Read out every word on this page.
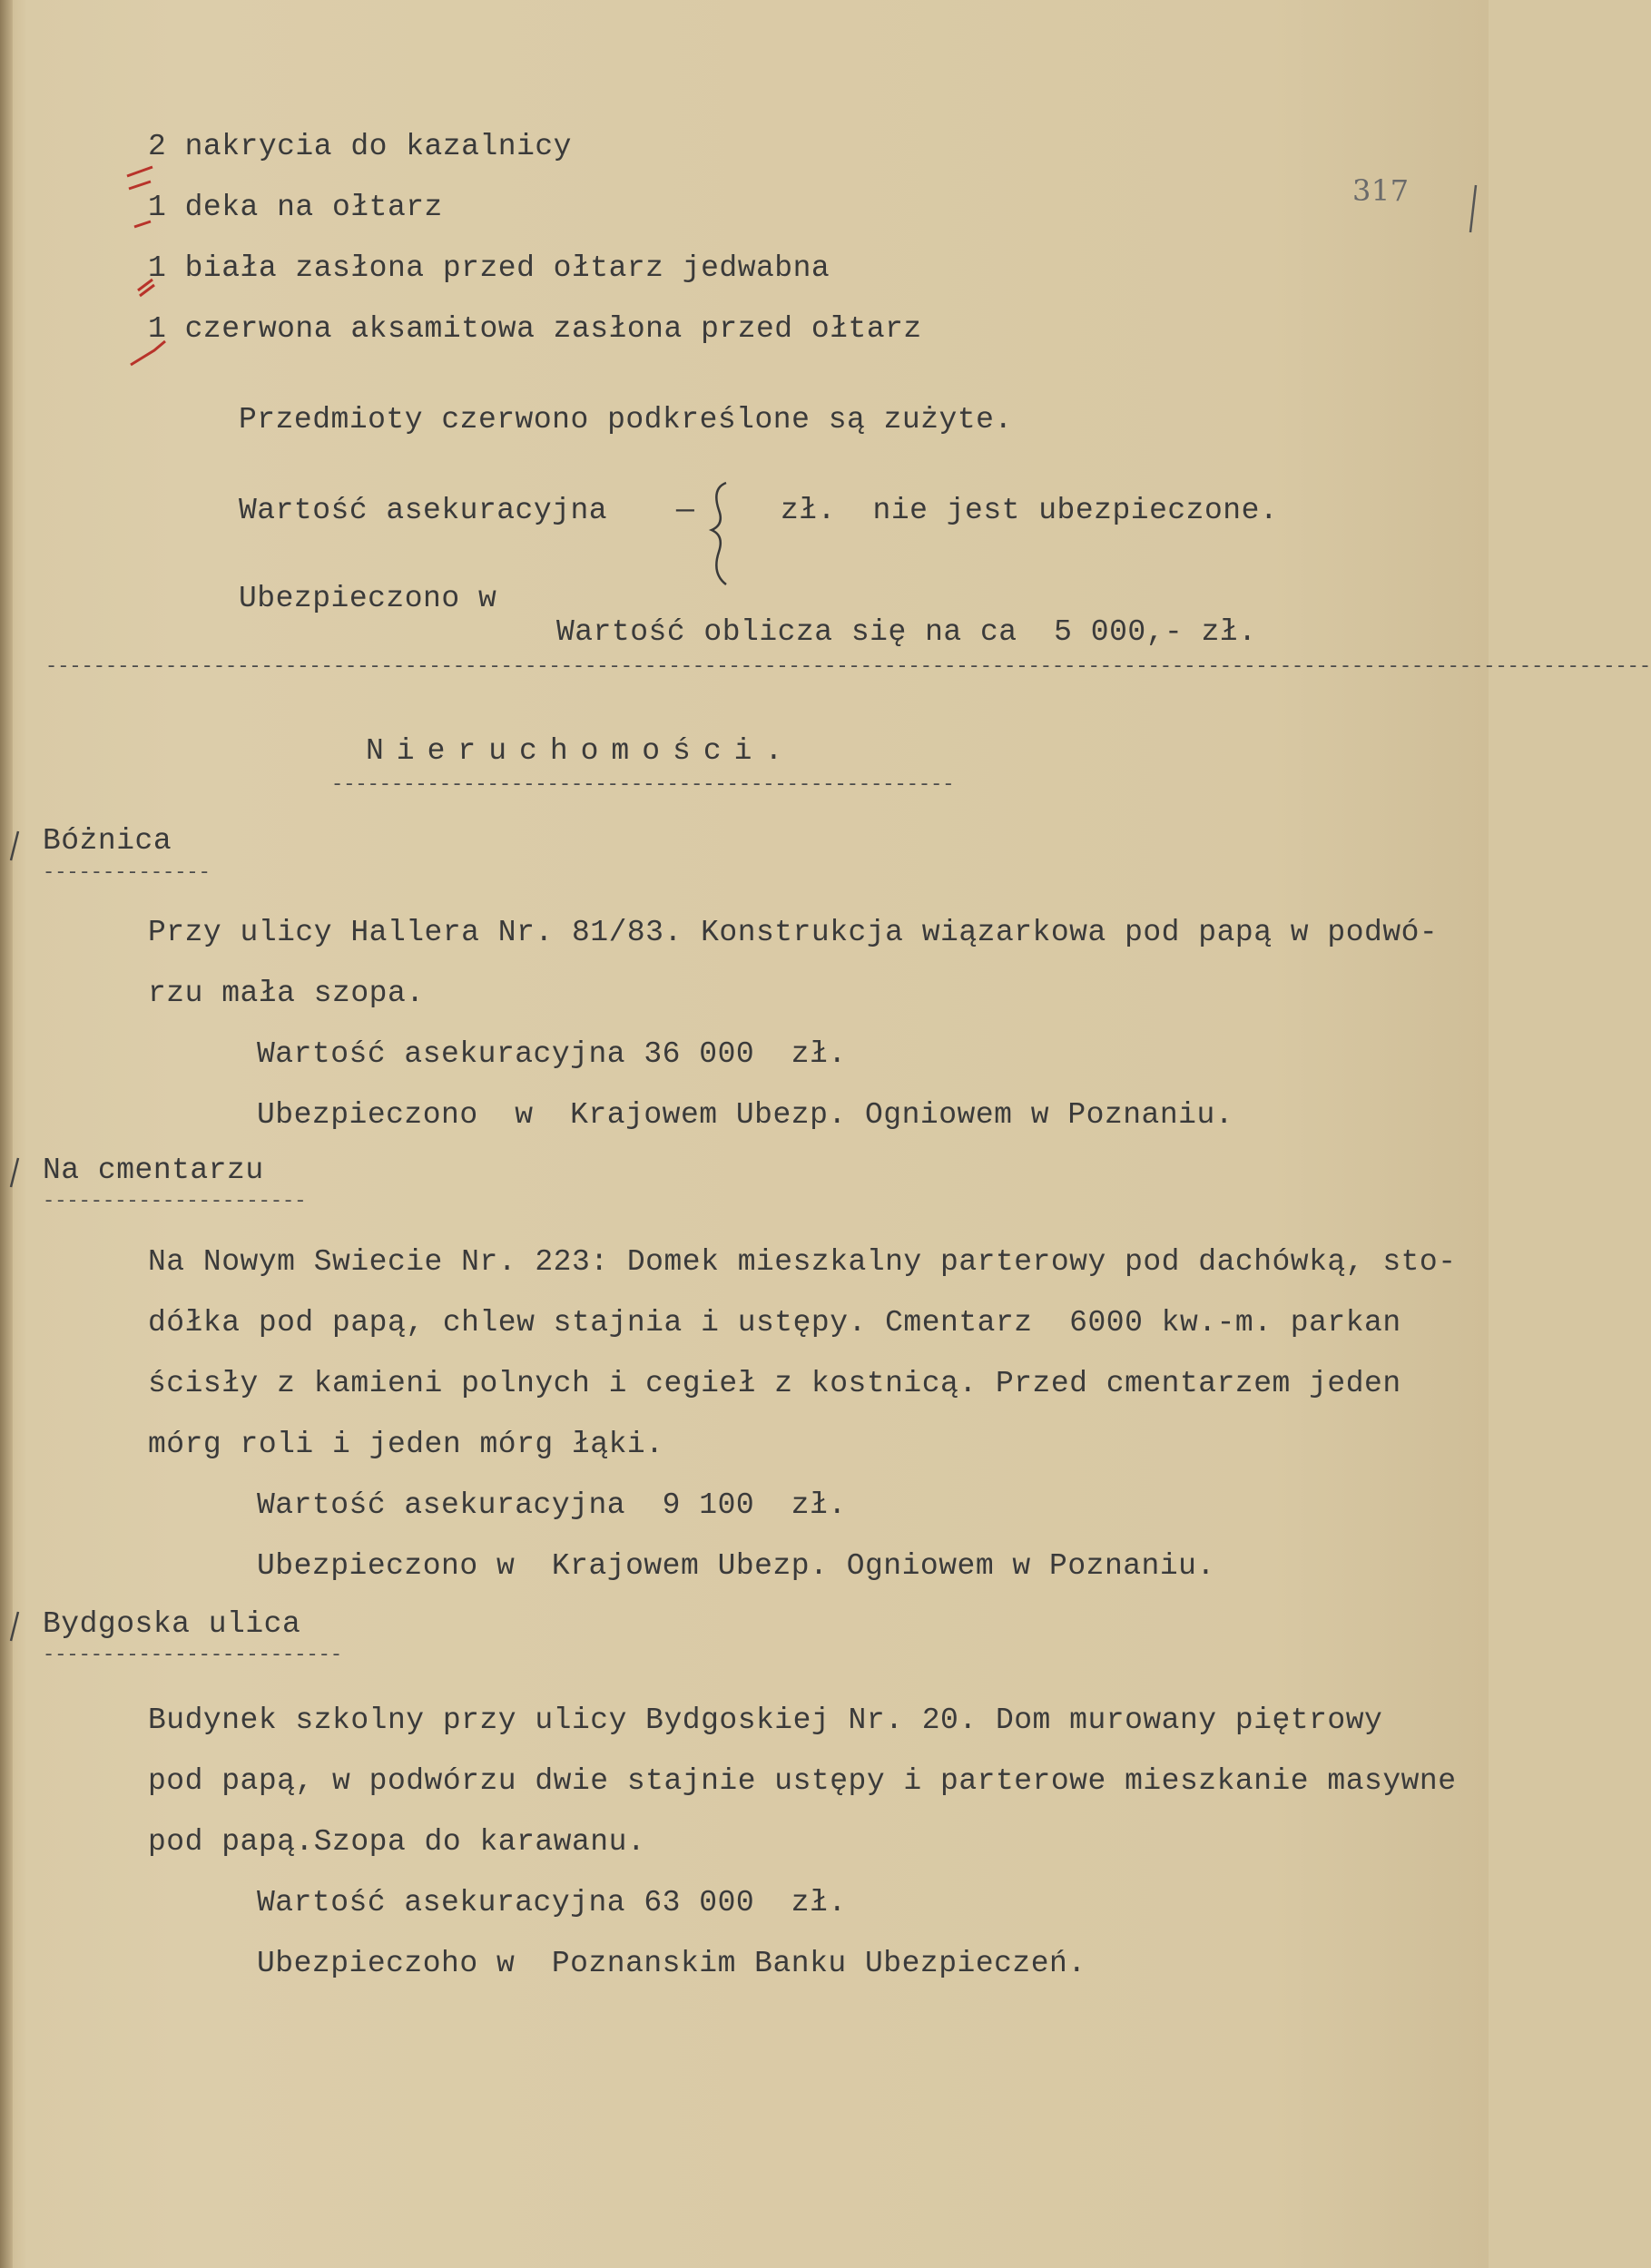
2 nakrycia do kazalnicy
1 deka na ołtarz
1 biała zasłona przed ołtarz jedwabna
1 czerwona aksamitowa zasłona przed ołtarz
317
Przedmioty czerwono podkreślone są zużyte.
Wartość asekuracyjna —	zł.  nie jest ubezpieczone.
Ubezpieczono w
Wartość oblicza się na ca  5 000,- zł.
--------------------------------------------------------------------------------------------------------------------------------------
Nieruchomości.
----------------------------------------------------
Bóżnica
--------------
Przy ulicy Hallera Nr. 81/83. Konstrukcja wiązarkowa pod papą w podwó-
rzu mała szopa.
Wartość asekuracyjna 36 000  zł.
Ubezpieczono  w  Krajowem Ubezp. Ogniowem w Poznaniu.
Na cmentarzu
----------------------
Na Nowym Swiecie Nr. 223: Domek mieszkalny parterowy pod dachówką, sto-
dółka pod papą, chlew stajnia i ustępy. Cmentarz  6000 kw.-m. parkan
ścisły z kamieni polnych i cegieł z kostnicą. Przed cmentarzem jeden
mórg roli i jeden mórg łąki.
Wartość asekuracyjna  9 100  zł.
Ubezpieczono w  Krajowem Ubezp. Ogniowem w Poznaniu.
Bydgoska ulica
-------------------------
Budynek szkolny przy ulicy Bydgoskiej Nr. 20. Dom murowany piętrowy
pod papą, w podwórzu dwie stajnie ustępy i parterowe mieszkanie masywne
pod papą.Szopa do karawanu.
Wartość asekuracyjna 63 000  zł.
Ubezpieczoho w  Poznanskim Banku Ubezpieczeń.
